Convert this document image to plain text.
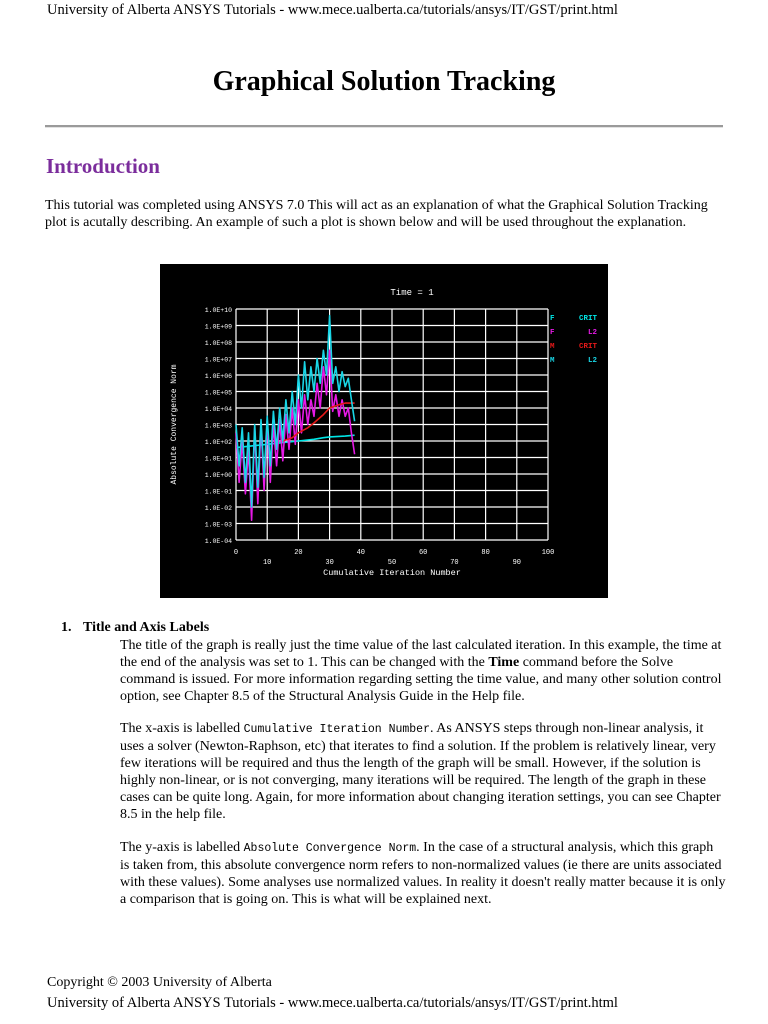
University of Alberta ANSYS Tutorials - www.mece.ualberta.ca/tutorials/ansys/IT/GST/print.html
Graphical Solution Tracking
Introduction
This tutorial was completed using ANSYS 7.0 This will act as an explanation of what the Graphical Solution Tracking plot is acutally describing. An example of such a plot is shown below and will be used throughout the explanation.
Time = 1
1.0E+10
1.0E+09
1.0E+08
1.0E+07
1.0E+06
1.0E+05
1.0E+04
1.0E+03
1.0E+02
1.0E+01
1.0E+00
1.0E-01
1.0E-02
1.0E-03
1.0E-04
0	20	40	60	80	100
10	30	50	70	90
Cumulative Iteration Number
Absolute Convergence Norm
F	CRIT
F	L2
M	CRIT
M	L2
1. Title and Axis Labels
The title of the graph is really just the time value of the last calculated iteration. In this example, the time at the end of the analysis was set to 1. This can be changed with the Time command before the Solve command is issued. For more information regarding setting the time value, and many other solution control option, see Chapter 8.5 of the Structural Analysis Guide in the Help file.
The x-axis is labelled Cumulative Iteration Number. As ANSYS steps through non-linear analysis, it uses a solver (Newton-Raphson, etc) that iterates to find a solution. If the problem is relatively linear, very few iterations will be required and thus the length of the graph will be small. However, if the solution is highly non-linear, or is not converging, many iterations will be required. The length of the graph in these cases can be quite long. Again, for more information about changing iteration settings, you can see Chapter 8.5 in the help file.
The y-axis is labelled Absolute Convergence Norm. In the case of a structural analysis, which this graph is taken from, this absolute convergence norm refers to non-normalized values (ie there are units associated with these values). Some analyses use normalized values. In reality it doesn't really matter because it is only a comparison that is going on. This is what will be explained next.
Copyright © 2003 University of Alberta
University of Alberta ANSYS Tutorials - www.mece.ualberta.ca/tutorials/ansys/IT/GST/print.html
